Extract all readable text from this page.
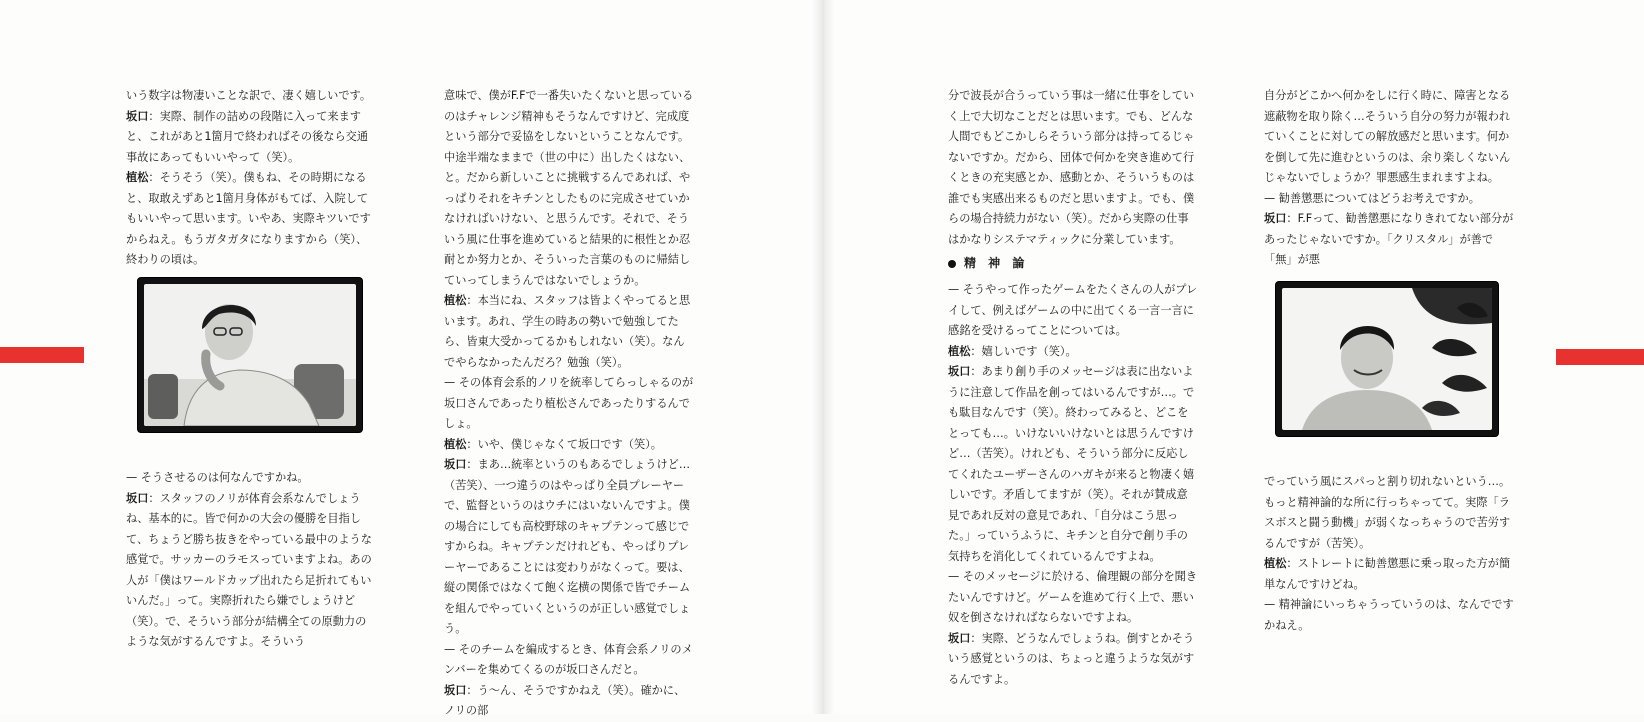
いう数字は物凄いことな訳で、凄く嬉しいです。
坂口：実際、制作の詰めの段階に入って来ますと、これがあと1箇月で終わればその後なら交通事故にあってもいいやって（笑）。
植松：そうそう（笑）。僕もね、その時期になると、取敢えずあと1箇月身体がもてば、入院してもいいやって思います。いやあ、実際キツいですからねえ。もうガタガタになりますから（笑）、終わりの頃は。
— そうさせるのは何なんですかね。
坂口：スタッフのノリが体育会系なんでしょうね、基本的に。皆で何かの大会の優勝を目指して、ちょうど勝ち抜きをやっている最中のような感覚で。サッカーのラモスっていますよね。あの人が「僕はワールドカップ出れたら足折れてもいいんだ。」って。実際折れたら嫌でしょうけど（笑）。で、そういう部分が結構全ての原動力のような気がするんですよ。そういう
意味で、僕がF.Fで一番失いたくないと思っているのはチャレンジ精神もそうなんですけど、完成度という部分で妥協をしないということなんです。中途半端なままで（世の中に）出したくはない、と。だから新しいことに挑戦するんであれば、やっぱりそれをキチンとしたものに完成させていかなければいけない、と思うんです。それで、そういう風に仕事を進めていると結果的に根性とか忍耐とか努力とか、そういった言葉のものに帰結していってしまうんではないでしょうか。
植松：本当にね、スタッフは皆よくやってると思います。あれ、学生の時あの勢いで勉強してたら、皆東大受かってるかもしれない（笑）。なんでやらなかったんだろ？勉強（笑）。
— その体育会系的ノリを統率してらっしゃるのが坂口さんであったり植松さんであったりするんでしょ。
植松：いや、僕じゃなくて坂口です（笑）。
坂口：まあ…統率というのもあるでしょうけど…（苦笑）、一つ違うのはやっぱり全員プレーヤーで、監督というのはウチにはいないんですよ。僕の場合にしても高校野球のキャプテンって感じですからね。キャプテンだけれども、やっぱりプレーヤーであることには変わりがなくって。要は、縦の関係ではなくて飽く迄横の関係で皆でチームを組んでやっていくというのが正しい感覚でしょう。
— そのチームを編成するとき、体育会系ノリのメンバーを集めてくるのが坂口さんだと。
坂口：う〜ん、そうですかねえ（笑）。確かに、ノリの部
分で波長が合うっていう事は一緒に仕事をしていく上で大切なことだとは思います。でも、どんな人間でもどこかしらそういう部分は持ってるじゃないですか。だから、団体で何かを突き進めて行くときの充実感とか、感動とか、そういうものは誰でも実感出来るものだと思いますよ。でも、僕らの場合持続力がない（笑）。だから実際の仕事はかなりシステマティックに分業しています。
精 神 論
— そうやって作ったゲームをたくさんの人がプレイして、例えばゲームの中に出てくる一言一言に感銘を受けるってことについては。
植松：嬉しいです（笑）。
坂口：あまり創り手のメッセージは表に出ないように注意して作品を創ってはいるんですが…。でも駄目なんです（笑）。終わってみると、どこをとっても…。いけないいけないとは思うんですけど…（苦笑）。けれども、そういう部分に反応してくれたユーザーさんのハガキが来ると物凄く嬉しいです。矛盾してますが（笑）。それが賛成意見であれ反対の意見であれ、「自分はこう思った。」っていうふうに、キチンと自分で創り手の気持ちを消化してくれているんですよね。
— そのメッセージに於ける、倫理観の部分を聞きたいんですけど。ゲームを進めて行く上で、悪い奴を倒さなければならないですよね。
坂口：実際、どうなんでしょうね。倒すとかそういう感覚というのは、ちょっと違うような気がするんですよ。
自分がどこかへ何かをしに行く時に、障害となる遮蔽物を取り除く…そういう自分の努力が報われていくことに対しての解放感だと思います。何かを倒して先に進むというのは、余り楽しくないんじゃないでしょうか？罪悪感生まれますよね。
— 勧善懲悪についてはどうお考えですか。
坂口：F.Fって、勧善懲悪になりきれてない部分があったじゃないですか。「クリスタル」が善で「無」が悪
でっていう風にスパっと割り切れないという…。もっと精神論的な所に行っちゃってて。実際「ラスボスと闘う動機」が弱くなっちゃうので苦労するんですが（苦笑）。
植松：ストレートに勧善懲悪に乗っ取った方が簡単なんですけどね。
— 精神論にいっちゃうっていうのは、なんでですかねえ。
